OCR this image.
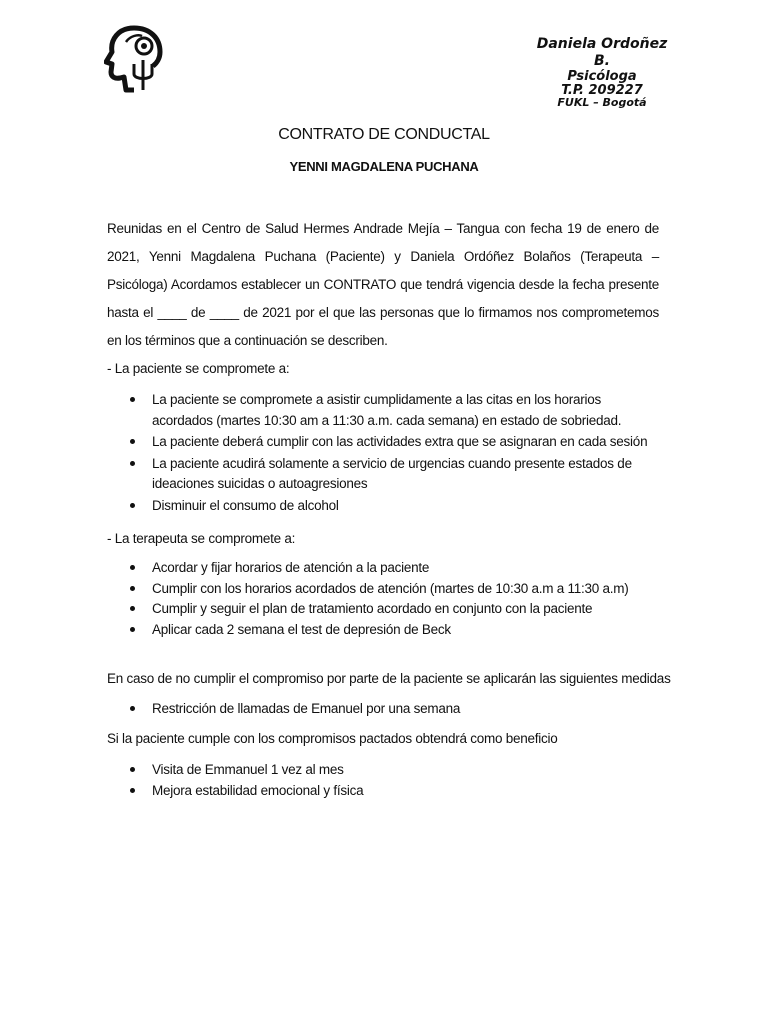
Daniela Ordoñez B.
Psicóloga
T.P. 209227
FUKL – Bogotá
CONTRATO DE CONDUCTAL
YENNI MAGDALENA PUCHANA

Reunidas en el Centro de Salud Hermes Andrade Mejía – Tangua con fecha 19 de enero de 2021, Yenni Magdalena Puchana (Paciente) y Daniela Ordóñez Bolaños (Terapeuta – Psicóloga) Acordamos establecer un CONTRATO que tendrá vigencia desde la fecha presente hasta el ____ de ____ de 2021 por el que las personas que lo firmamos nos comprometemos en los términos que a continuación se describen.

- La paciente se compromete a:

La paciente se compromete a asistir cumplidamente a las citas en los horarios acordados (martes 10:30 am a 11:30 a.m. cada semana) en estado de sobriedad.
La paciente deberá cumplir con las actividades extra que se asignaran en cada sesión
La paciente acudirá solamente a servicio de urgencias cuando presente estados de ideaciones suicidas o autoagresiones
Disminuir el consumo de alcohol

- La terapeuta se compromete a:

Acordar y fijar horarios de atención a la paciente
Cumplir con los horarios acordados de atención (martes de 10:30 a.m a 11:30 a.m)
Cumplir y seguir el plan de tratamiento acordado en conjunto con la paciente
Aplicar cada 2 semana el test de depresión de Beck

En caso de no cumplir el compromiso por parte de la paciente se aplicarán las siguientes medidas

Restricción de llamadas de Emanuel por una semana

Si la paciente cumple con los compromisos pactados obtendrá como beneficio

Visita de Emmanuel 1 vez al mes
Mejora estabilidad emocional y física
